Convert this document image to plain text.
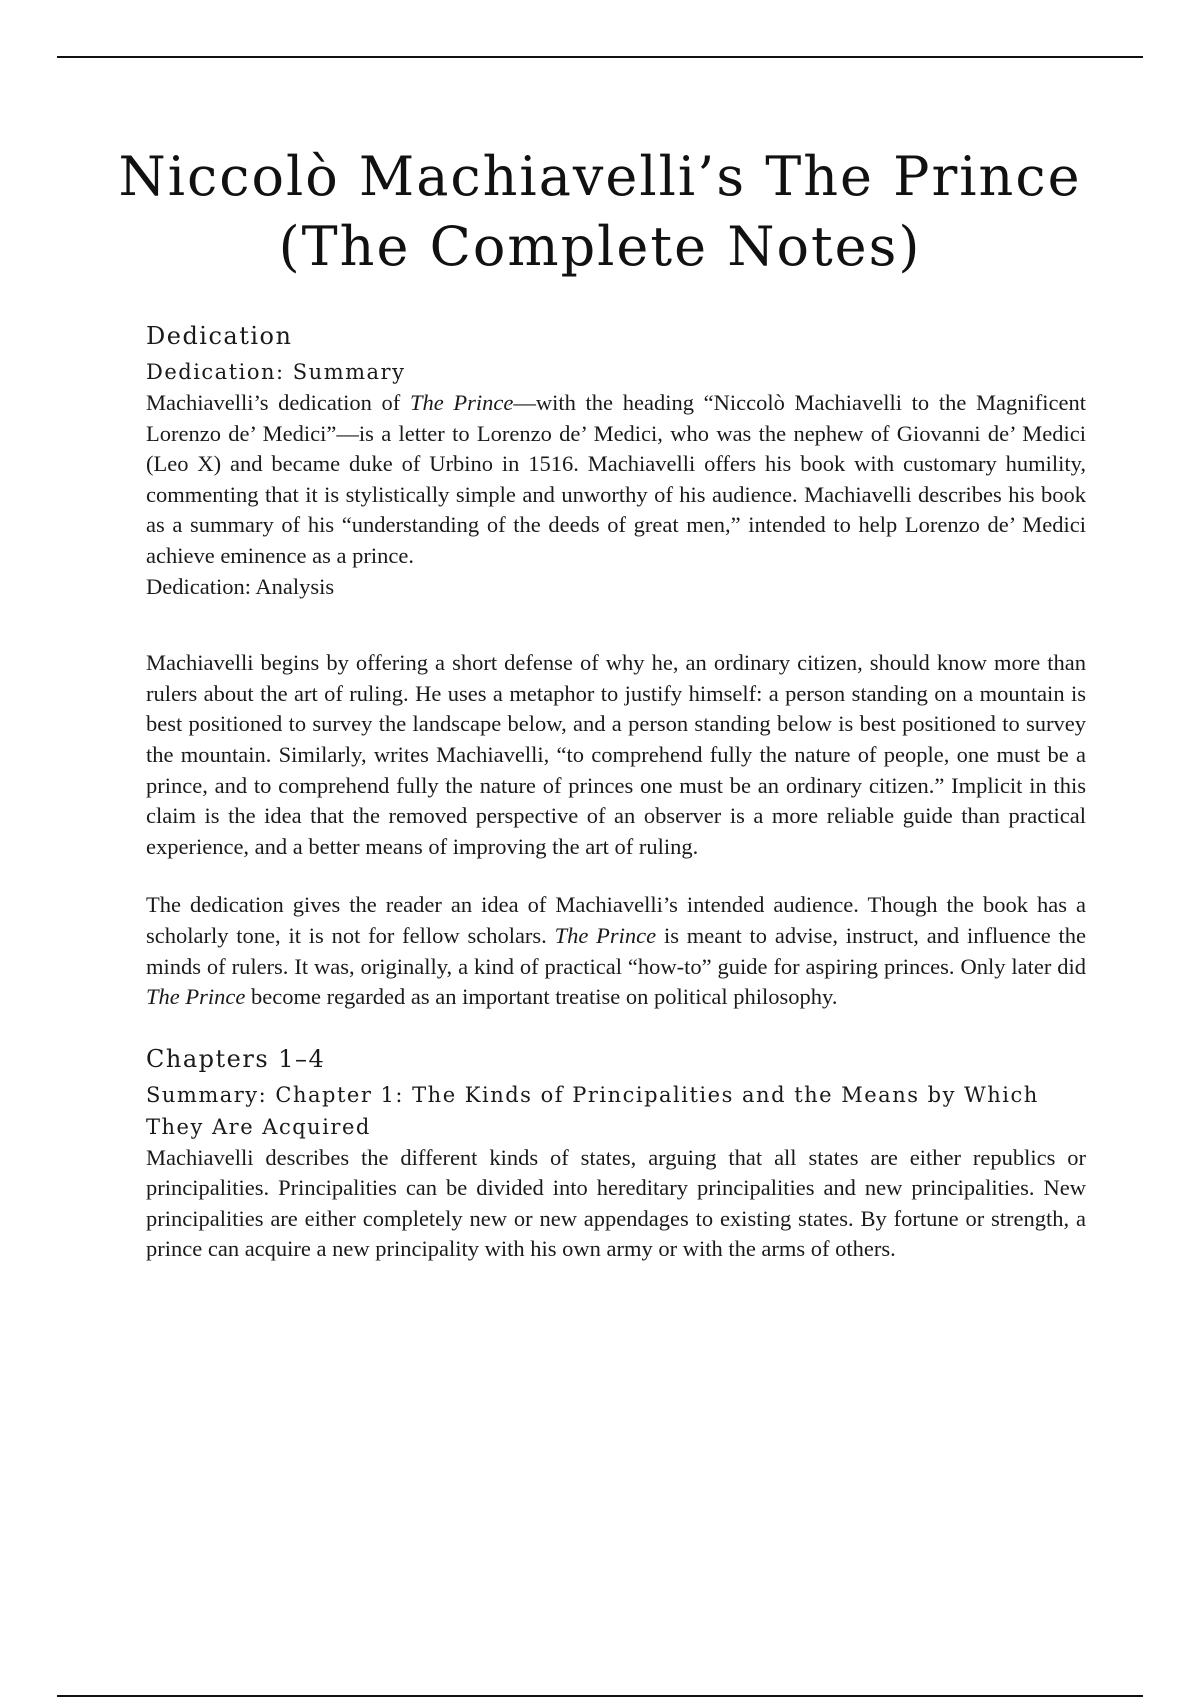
Niccolò Machiavelli’s The Prince
(The Complete Notes)
Dedication
Dedication: Summary

Machiavelli’s dedication of The Prince—with the heading “Niccolò Machiavelli to the Magnificent Lorenzo de’ Medici”—is a letter to Lorenzo de’ Medici, who was the nephew of Giovanni de’ Medici (Leo X) and became duke of Urbino in 1516. Machiavelli offers his book with customary humility, commenting that it is stylistically simple and unworthy of his audience. Machiavelli describes his book as a summary of his “understanding of the deeds of great men,” intended to help Lorenzo de’ Medici achieve eminence as a prince.

Dedication: Analysis

Machiavelli begins by offering a short defense of why he, an ordinary citizen, should know more than rulers about the art of ruling. He uses a metaphor to justify himself: a person standing on a mountain is best positioned to survey the landscape below, and a person standing below is best positioned to survey the mountain. Similarly, writes Machiavelli, “to comprehend fully the nature of people, one must be a prince, and to comprehend fully the nature of princes one must be an ordinary citizen.” Implicit in this claim is the idea that the removed perspective of an observer is a more reliable guide than practical experience, and a better means of improving the art of ruling.

The dedication gives the reader an idea of Machiavelli’s intended audience. Though the book has a scholarly tone, it is not for fellow scholars. The Prince is meant to advise, instruct, and influence the minds of rulers. It was, originally, a kind of practical “how-to” guide for aspiring princes. Only later did The Prince become regarded as an important treatise on political philosophy.

Chapters 1–4
Summary: Chapter 1: The Kinds of Principalities and the Means by Which They Are Acquired

Machiavelli describes the different kinds of states, arguing that all states are either republics or principalities. Principalities can be divided into hereditary principalities and new principalities. New principalities are either completely new or new appendages to existing states. By fortune or strength, a prince can acquire a new principality with his own army or with the arms of others.
